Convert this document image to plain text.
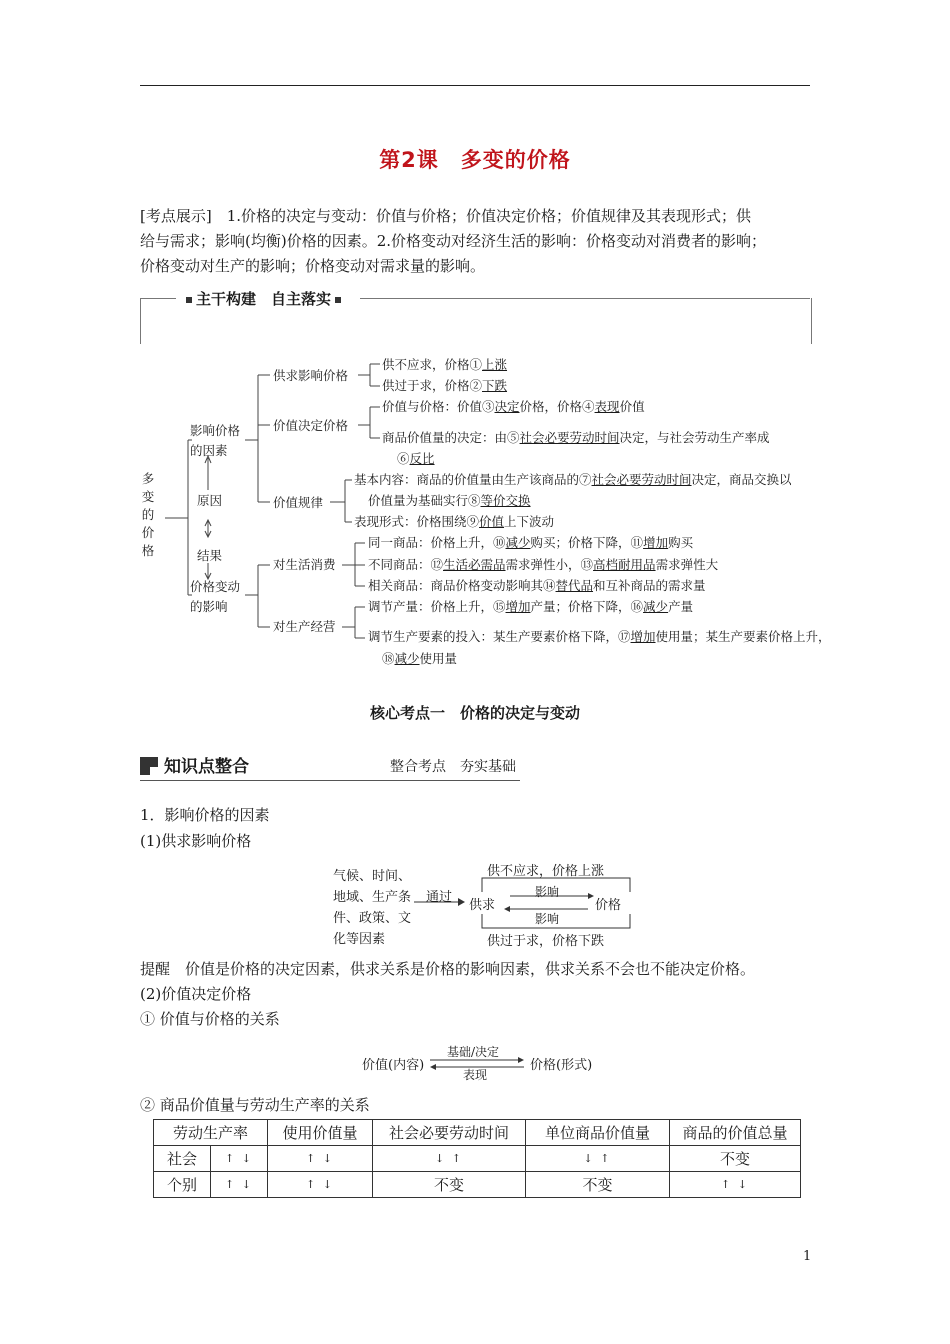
第2课　多变的价格
[考点展示]　 1.价格的决定与变动：价值与价格；价值决定价格；价值规律及其表现形式；供
给与需求；影响(均衡)价格的因素。2.价格变动对经济生活的影响：价格变动对消费者的影响；
价格变动对生产的影响；价格变动对需求量的影响。
主干构建　自主落实
多
变
的
价
格
影响价格
的因素
原因
结果
价格变动
的影响
供求影响价格
价值决定价格
价值规律
对生活消费
对生产经营
供不应求，价格①上涨
供过于求，价格②下跌
价值与价格：价值③决定价格，价格④表现价值
商品价值量的决定：由⑤社会必要劳动时间决定，与社会劳动生产率成
⑥反比
基本内容：商品的价值量由生产该商品的⑦社会必要劳动时间决定，商品交换以
价值量为基础实行⑧等价交换
表现形式：价格围绕⑨价值上下波动
同一商品：价格上升，⑩减少购买；价格下降，⑪增加购买
不同商品：⑫生活必需品需求弹性小，⑬高档耐用品需求弹性大
相关商品：商品价格变动影响其⑭替代品和互补商品的需求量
调节产量：价格上升，⑮增加产量；价格下降，⑯减少产量
调节生产要素的投入：某生产要素价格下降，⑰增加使用量；某生产要素价格上升，
⑱减少使用量
核心考点一　价格的决定与变动
知识点整合	整合考点　夯实基础
1．影响价格的因素
(1)供求影响价格
气候、时间、
地域、生产条
件、政策、文
化等因素
通过
供求
影响
影响
价格
供不应求，价格上涨
供过于求，价格下跌
提醒　价值是价格的决定因素，供求关系是价格的影响因素，供求关系不会也不能决定价格。
(2)价值决定价格
① 价值与价格的关系
价值(内容)
基础/决定
表现
价格(形式)
② 商品价值量与劳动生产率的关系
劳动生产率		使用价值量	社会必要劳动时间	单位商品价值量	商品的价值总量
社会	↑ ↓	↑ ↓	↓ ↑	↓ ↑	不变
个别	↑ ↓	↑ ↓	不变	不变	↑ ↓
1
